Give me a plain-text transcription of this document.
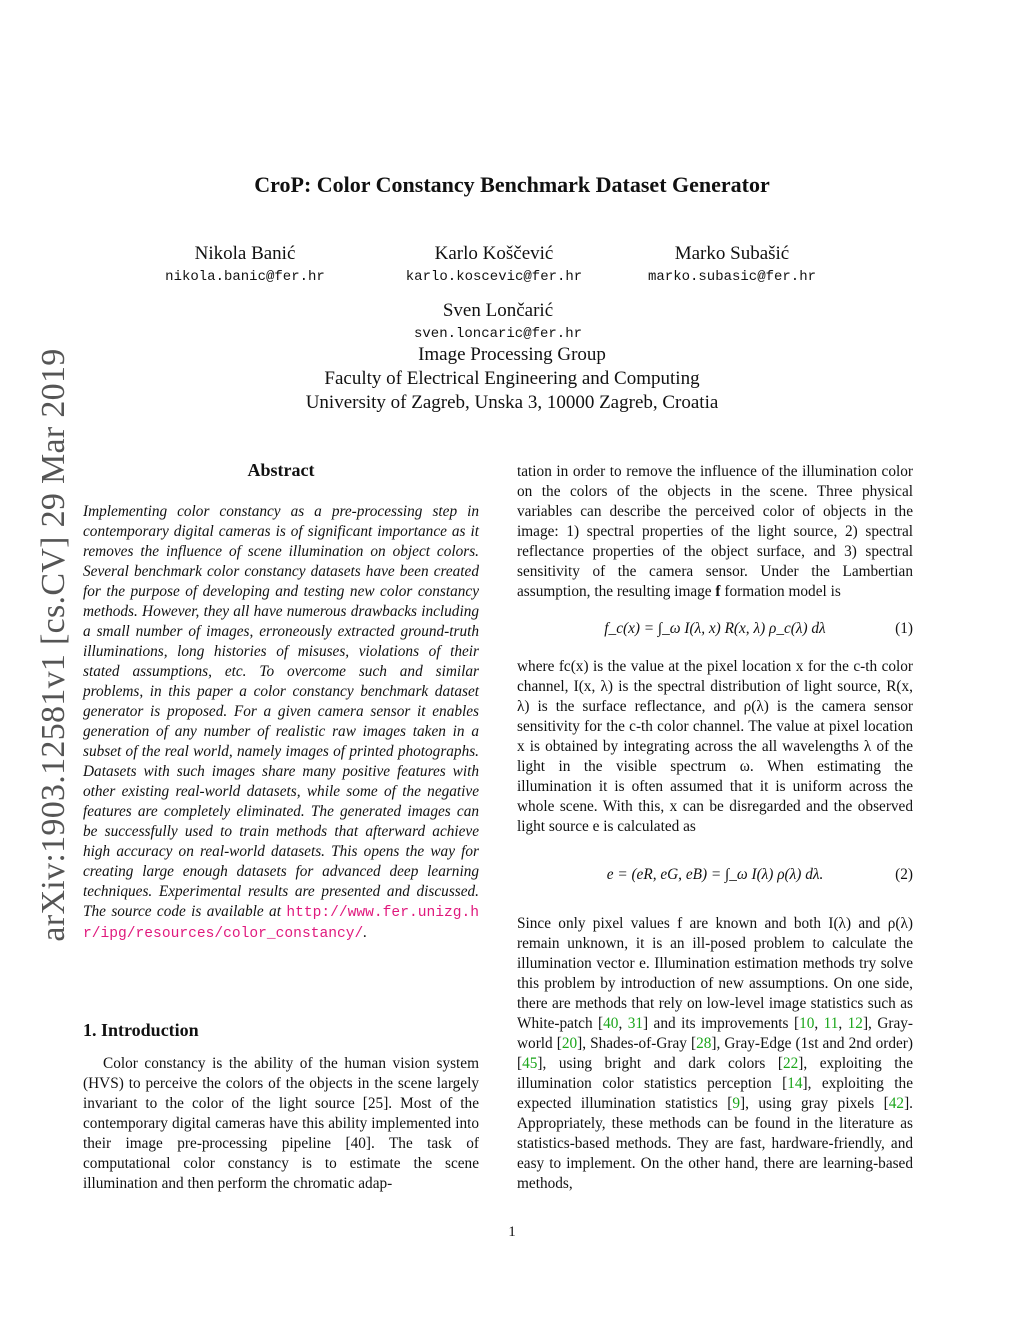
arXiv:1903.12581v1 [cs.CV] 29 Mar 2019
CroP: Color Constancy Benchmark Dataset Generator
Nikola Banić
nikola.banic@fer.hr
Karlo Koščević
karlo.koscevic@fer.hr
Marko Subašić
marko.subasic@fer.hr
Sven Lončarić
sven.loncaric@fer.hr
Image Processing Group
Faculty of Electrical Engineering and Computing
University of Zagreb, Unska 3, 10000 Zagreb, Croatia
Abstract

Implementing color constancy as a pre-processing step in contemporary digital cameras is of significant importance as it removes the influence of scene illumination on object colors. Several benchmark color constancy datasets have been created for the purpose of developing and testing new color constancy methods. However, they all have numerous drawbacks including a small number of images, erroneously extracted ground-truth illuminations, long histories of misuses, violations of their stated assumptions, etc. To overcome such and similar problems, in this paper a color constancy benchmark dataset generator is proposed. For a given camera sensor it enables generation of any number of realistic raw images taken in a subset of the real world, namely images of printed photographs. Datasets with such images share many positive features with other existing real-world datasets, while some of the negative features are completely eliminated. The generated images can be successfully used to train methods that afterward achieve high accuracy on real-world datasets. This opens the way for creating large enough datasets for advanced deep learning techniques. Experimental results are presented and discussed. The source code is available at http://www.fer.unizg.hr/ipg/resources/color_constancy/.

1. Introduction

Color constancy is the ability of the human vision system (HVS) to perceive the colors of the objects in the scene largely invariant to the color of the light source [25]. Most of the contemporary digital cameras have this ability implemented into their image pre-processing pipeline [40]. The task of computational color constancy is to estimate the scene illumination and then perform the chromatic adap-

tation in order to remove the influence of the illumination color on the colors of the objects in the scene. Three physical variables can describe the perceived color of objects in the image: 1) spectral properties of the light source, 2) spectral reflectance properties of the object surface, and 3) spectral sensitivity of the camera sensor. Under the Lambertian assumption, the resulting image f formation model is

f_c(x) = ∫_ω I(λ, x) R(x, λ) ρ_c(λ) dλ	(1)

where fc(x) is the value at the pixel location x for the c-th color channel, I(x, λ) is the spectral distribution of light source, R(x, λ) is the surface reflectance, and ρ(λ) is the camera sensor sensitivity for the c-th color channel. The value at pixel location x is obtained by integrating across the all wavelengths λ of the light in the visible spectrum ω. When estimating the illumination it is often assumed that it is uniform across the whole scene. With this, x can be disregarded and the observed light source e is calculated as

e = (eR, eG, eB) = ∫_ω I(λ) ρ(λ) dλ.	(2)

Since only pixel values f are known and both I(λ) and ρ(λ) remain unknown, it is an ill-posed problem to calculate the illumination vector e. Illumination estimation methods try solve this problem by introduction of new assumptions. On one side, there are methods that rely on low-level image statistics such as White-patch [40, 31] and its improvements [10, 11, 12], Gray-world [20], Shades-of-Gray [28], Gray-Edge (1st and 2nd order) [45], using bright and dark colors [22], exploiting the illumination color statistics perception [14], exploiting the expected illumination statistics [9], using gray pixels [42]. Appropriately, these methods can be found in the literature as statistics-based methods. They are fast, hardware-friendly, and easy to implement. On the other hand, there are learning-based methods,

1
